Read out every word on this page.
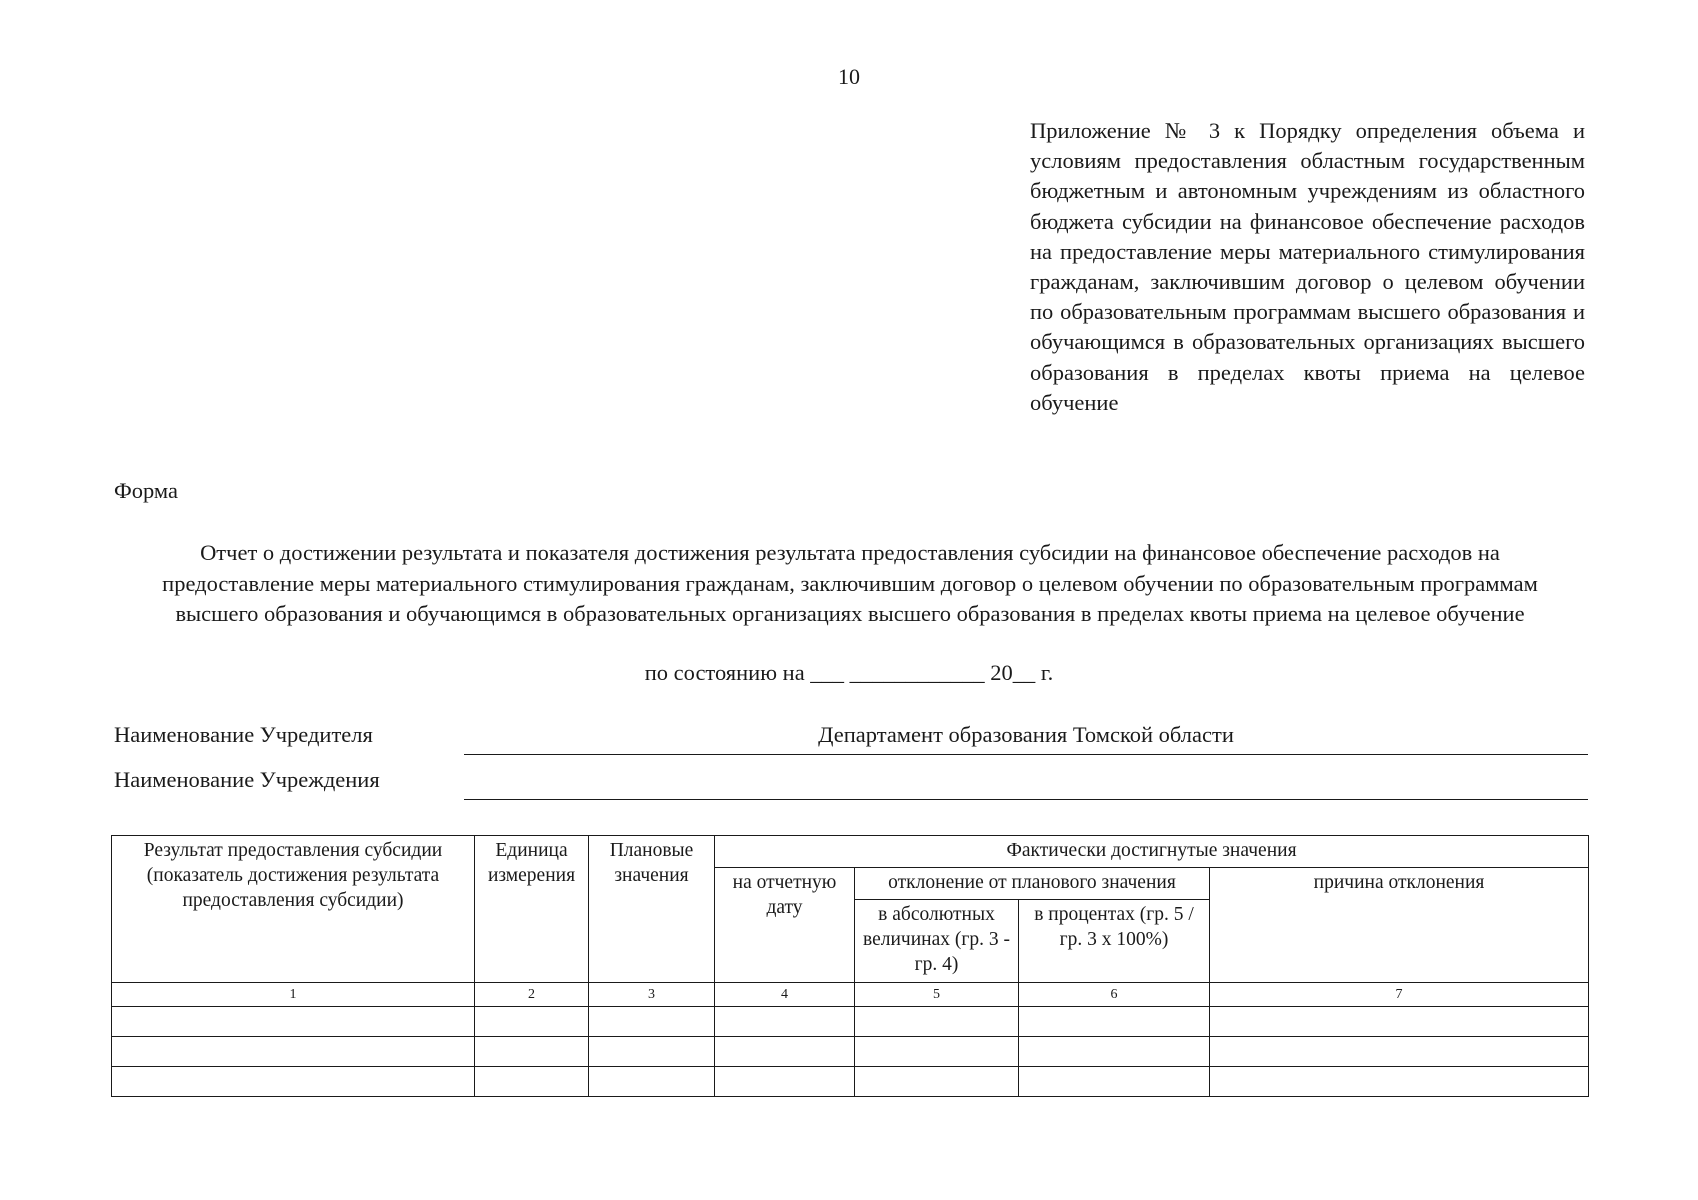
10
Приложение № 3 к Порядку определения объема и условиям предоставления областным государственным бюджетным и автономным учреждениям из областного бюджета субсидии на финансовое обеспечение расходов на предоставление меры материального стимулирования гражданам, заключившим договор о целевом обучении по образовательным программам высшего образования и обучающимся в образовательных организациях высшего образования в пределах квоты приема на целевое обучение
Форма
Отчет о достижении результата и показателя достижения результата предоставления субсидии на финансовое обеспечение расходов на предоставление меры материального стимулирования гражданам, заключившим договор о целевом обучении по образовательным программам высшего образования и обучающимся в образовательных организациях высшего образования в пределах квоты приема на целевое обучение
по состоянию на ___ ____________ 20__ г.
Наименование Учредителя	Департамент образования Томской области
Наименование Учреждения
Результат предоставления субсидии (показатель достижения результата предоставления субсидии)	Единица измерения	Плановые значения	Фактически достигнутые значения			
			на отчетную дату	отклонение от планового значения		причина отклонения
				в абсолютных величинах (гр. 3 - гр. 4)	в процентах (гр. 5 / гр. 3 x 100%)	
1	2	3	4	5	6	7
